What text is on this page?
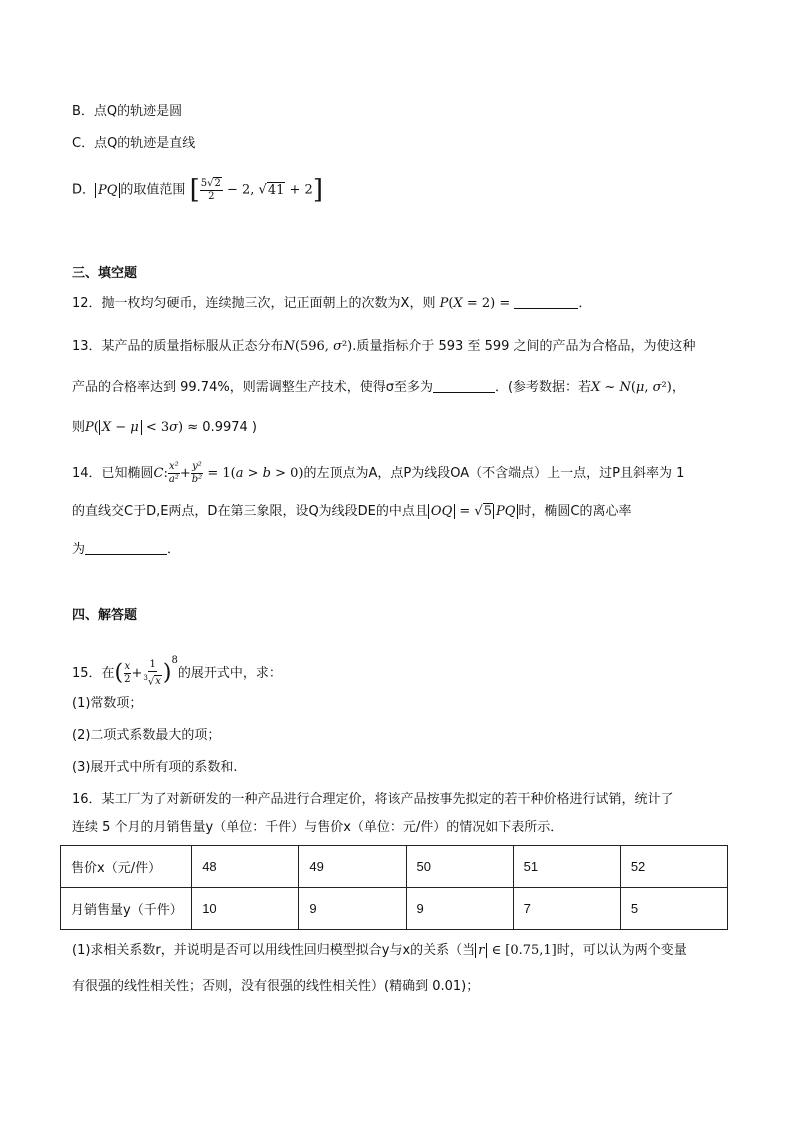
B．点Q的轨迹是圆
C．点Q的轨迹是直线
D． PQ 的取值范围 [ $\frac{5√2}{2} - 2$, √41 + 2]
三、填空题
12．抛一枚均匀硬币，连续抛三次，记正面朝上的次数为X，则 P(X = 2) =	．
13．某产品的质量指标服从正态分布N(596, σ²).质量指标介于 593 至 599 之间的产品为合格品，为使这种
产品的合格率达到 99.74%，则需调整生产技术，使得σ至多为	．(参考数据：若X ~ N(μ, σ²)，
则P( X − μ < 3σ) ≈ 0.9974 )
14．已知椭圆C: $\frac{\text{x²}}{\text{a²}} + \frac{\text{y²}}{\text{b²}} = 1(a > b > 0)$的左顶点为A，点P为线段OA（不含端点）上一点，过P且斜率为 1
的直线交C于D,E两点，D在第三象限，设Q为线段DE的中点且 OQ = √5 PQ 时，椭圆C的离心率
为	．
四、解答题
15．在( $\frac{x}{2} + \frac{1}{^3√x} )^8$的展开式中，求：
(1)常数项；
(2)二项式系数最大的项；
(3)展开式中所有项的系数和.
16．某工厂为了对新研发的一种产品进行合理定价，将该产品按事先拟定的若干种价格进行试销，统计了
连续 5 个月的月销售量y（单位：千件）与售价x（单位：元/件）的情况如下表所示．
售价x（元/件）	48	49	50	51	52
月销售量y（千件）	10	9	9	7	5
(1)求相关系数r，并说明是否可以用线性回归模型拟合y与x的关系（当 r ∈ [0.75,1]时，可以认为两个变量
有很强的线性相关性；否则，没有很强的线性相关性）(精确到 0.01)；
